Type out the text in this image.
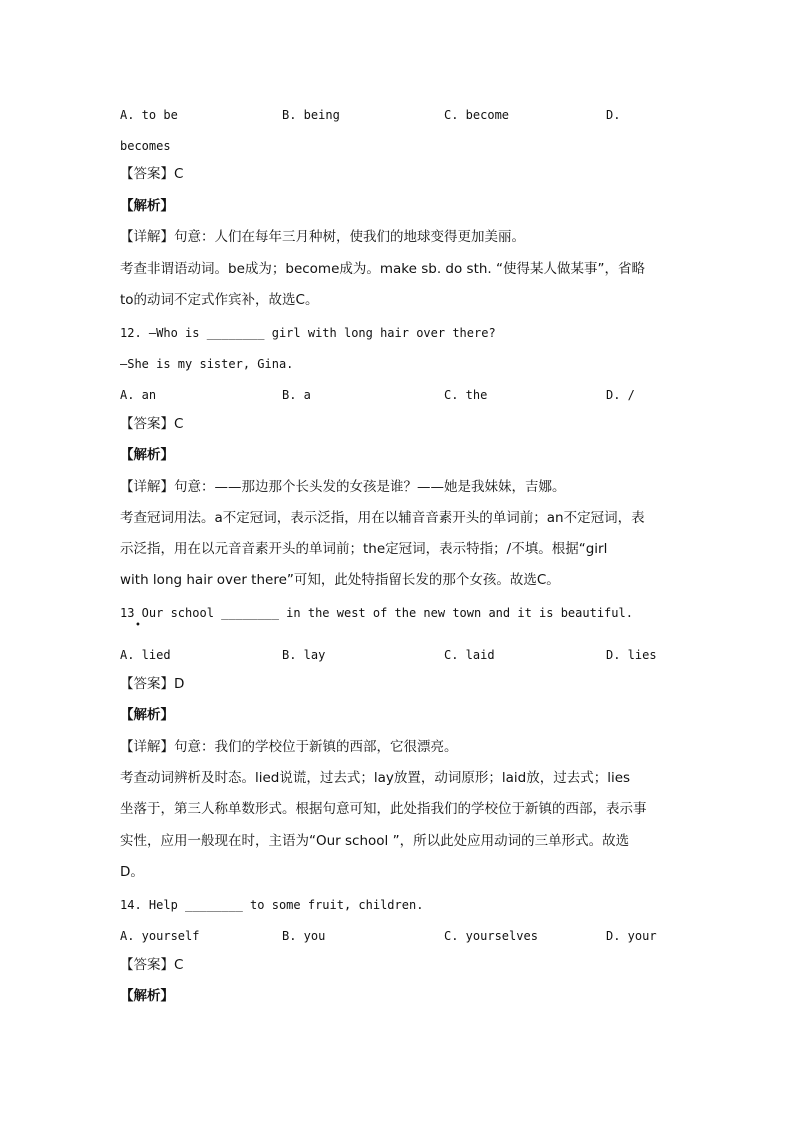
A. to be	B. being	C. become	D.
becomes
【答案】C
【解析】
【详解】句意：人们在每年三月种树，使我们的地球变得更加美丽。
考查非谓语动词。be成为；become成为。make sb. do sth. “使得某人做某事”，省略
to的动词不定式作宾补，故选C。
12. —Who is ________ girl with long hair over there?
—She is my sister, Gina.
A. an	B. a	C. the	D. /
【答案】C
【解析】
【详解】句意：——那边那个长头发的女孩是谁？——她是我妹妹，吉娜。
考查冠词用法。a不定冠词，表示泛指，用在以辅音音素开头的单词前；an不定冠词，表
示泛指，用在以元音音素开头的单词前；the定冠词，表示特指；/不填。根据“girl
with long hair over there”可知，此处特指留长发的那个女孩。故选C。
13 Our school ________ in the west of the new town and it is beautiful.
•
A. lied	B. lay	C. laid	D. lies
【答案】D
【解析】
【详解】句意：我们的学校位于新镇的西部，它很漂亮。
考查动词辨析及时态。lied说谎，过去式；lay放置，动词原形；laid放，过去式；lies
坐落于，第三人称单数形式。根据句意可知，此处指我们的学校位于新镇的西部，表示事
实性，应用一般现在时，主语为“Our school ”，所以此处应用动词的三单形式。故选
D。
14. Help ________ to some fruit, children.
A. yourself	B. you	C. yourselves	D. your
【答案】C
【解析】
